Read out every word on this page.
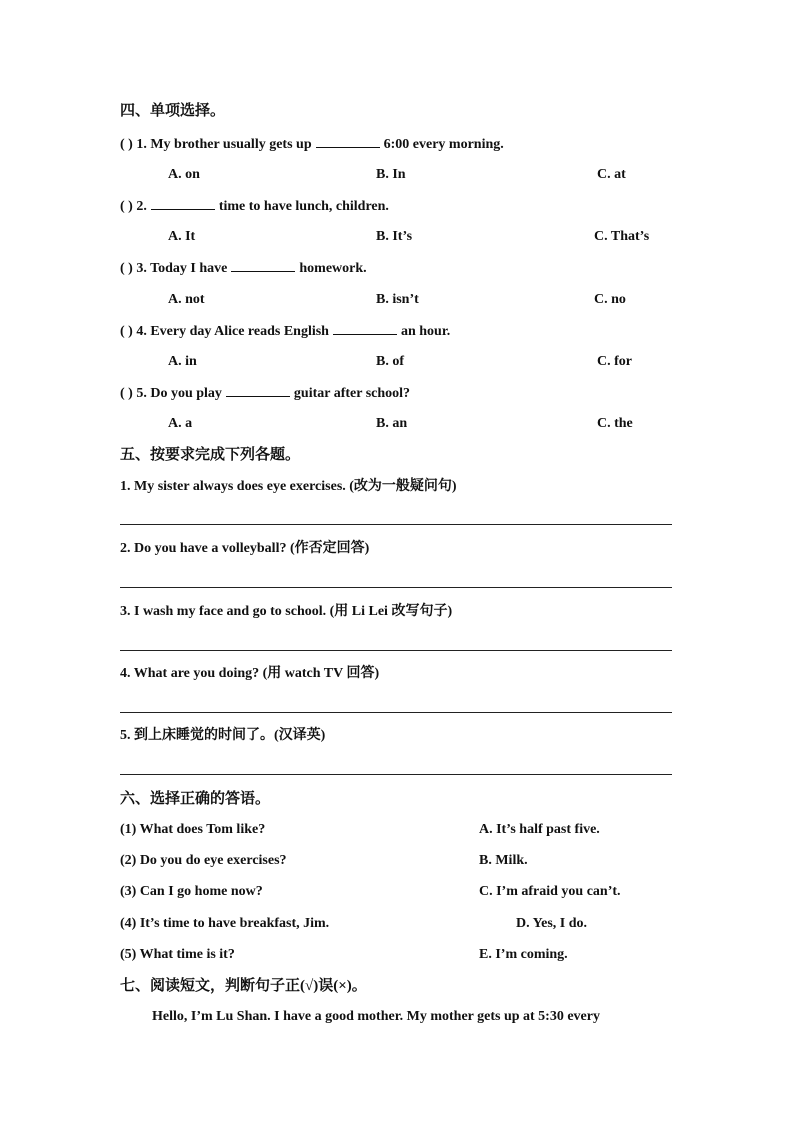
四、单项选择。
( ) 1. My brother usually gets up	6:00 every morning.
A. on	B. In	C. at
( ) 2.	time to have lunch, children.
A. It	B. It’s	C. That’s
( ) 3. Today I have	homework.
A. not	B. isn’t	C. no
( ) 4. Every day Alice reads English	an hour.
A. in	B. of	C. for
( ) 5. Do you play	guitar after school?
A. a	B. an	C. the
五、按要求完成下列各题。
1. My sister always does eye exercises. (改为一般疑问句)
2. Do you have a volleyball? (作否定回答)
3. I wash my face and go to school. (用 Li Lei 改写句子)
4. What are you doing? (用 watch TV 回答)
5. 到上床睡觉的时间了。(汉译英)
六、选择正确的答语。
(1) What does Tom like?	A. It’s half past five.
(2) Do you do eye exercises?	B. Milk.
(3) Can I go home now?	C. I’m afraid you can’t.
(4) It’s time to have breakfast, Jim.	D. Yes, I do.
(5) What time is it?	E. I’m coming.
七、阅读短文，判断句子正(√)误(×)。
Hello, I’m Lu Shan. I have a good mother. My mother gets up at 5:30 every
